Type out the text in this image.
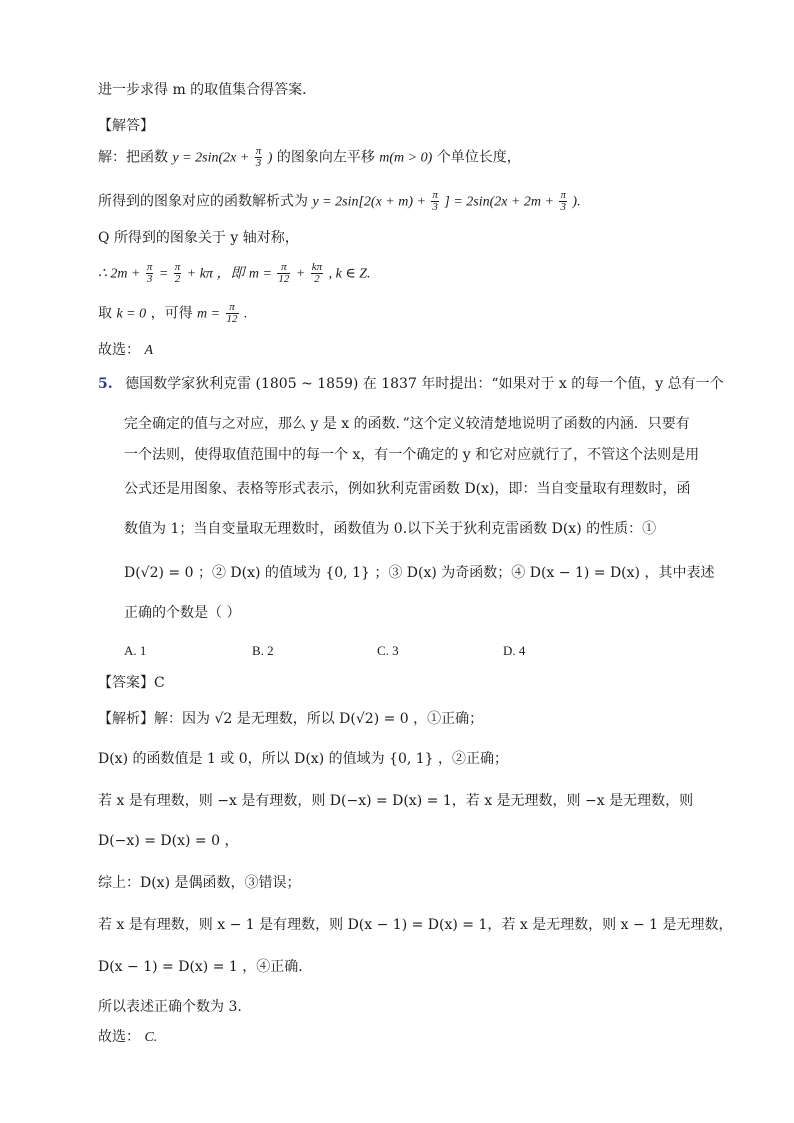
进一步求得 m 的取值集合得答案．
【解答】
解：把函数 $y = 2\sin(2x + \frac{\pi}{3}$ ) 的图象向左平移 m(m > 0) 个单位长度，
所得到的图象对应的函数解析式为 $y = 2\sin[2(x + m) + \frac{\pi}{3}$ ] = $2\sin(2x + 2m + \frac{\pi}{3}$ ).
Q 所得到的图象关于 y 轴对称，
∴ $2m + \frac{\pi}{3} = \frac{\pi}{2} + k\pi$ ，即 $m = \frac{\pi}{12} + \frac{k\pi}{2}$ , k ∈ Z.
取 k = 0 ，可得 $m = \frac{\pi}{12}$ .
故选： A
5. 德国数学家狄利克雷 (1805 ~ 1859) 在 1837 年时提出：“如果对于 x 的每一个值，y 总有一个
完全确定的值与之对应，那么 y 是 x 的函数．”这个定义较清楚地说明了函数的内涵．只要有
一个法则，使得取值范围中的每一个 x，有一个确定的 y 和它对应就行了，不管这个法则是用
公式还是用图象、表格等形式表示，例如狄利克雷函数 D(x)，即：当自变量取有理数时，函
数值为 1；当自变量取无理数时，函数值为 0.以下关于狄利克雷函数 D(x) 的性质：①
D(√2) = 0 ；② D(x) 的值域为 {0, 1} ；③ D(x) 为奇函数；④ D(x − 1) = D(x) ，其中表述
正确的个数是（ ）
A. 1	B. 2	C. 3	D. 4
【答案】C
【解析】解：因为 √2 是无理数，所以 D(√2) = 0 ，①正确；
D(x) 的函数值是 1 或 0，所以 D(x) 的值域为 {0, 1} ，②正确；
若 x 是有理数，则 −x 是有理数，则 D(−x) = D(x) = 1，若 x 是无理数，则 −x 是无理数，则
D(−x) = D(x) = 0 ，
综上：D(x) 是偶函数，③错误；
若 x 是有理数，则 x − 1 是有理数，则 D(x − 1) = D(x) = 1，若 x 是无理数，则 x − 1 是无理数，
D(x − 1) = D(x) = 1 ，④正确．
所以表述正确个数为 3.
故选： C.
